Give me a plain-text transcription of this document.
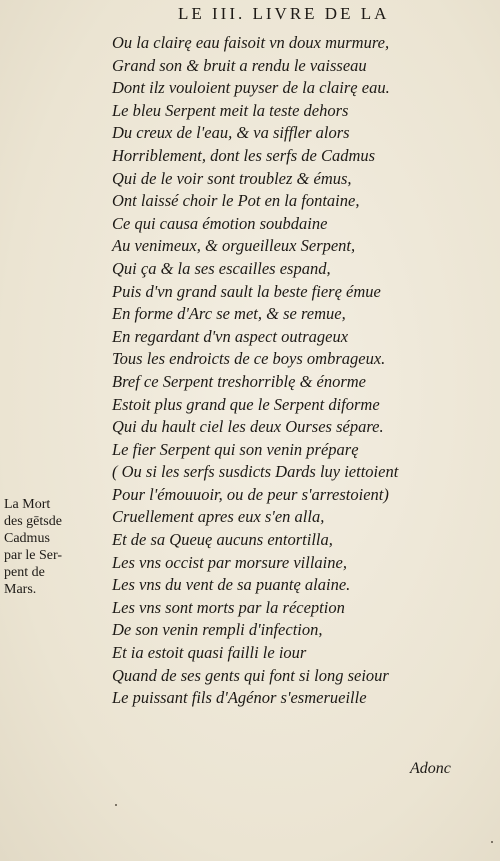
LE III. LIVRE DE LA
Ou la clairę eau faisoit vn doux murmure,
Grand son & bruit a rendu le vaisseau
Dont ilz vouloient puyser de la clairę eau.
Le bleu Serpent meit la teste dehors
Du creux de l'eau, & va siffler alors
Horriblement, dont les serfs de Cadmus
Qui de le voir sont troublez & émus,
Ont laissé choir le Pot en la fontaine,
Ce qui causa émotion soubdaine
Au venimeux, & orgueilleux Serpent,
Qui ça & la ses escailles espand,
Puis d'vn grand sault la beste fierę émue
En forme d'Arc se met, & se remue,
En regardant d'vn aspect outrageux
Tous les endroicts de ce boys ombrageux.
Bref ce Serpent treshorriblę & énorme
Estoit plus grand que le Serpent diforme
Qui du hault ciel les deux Ourses sépare.
Le fier Serpent qui son venin préparę
( Ou si les serfs susdicts Dards luy iettoient
Pour l'émouuoir, ou de peur s'arrestoient)
Cruellement apres eux s'en alla,
Et de sa Queuę aucuns entortilla,
Les vns occist par morsure villaine,
Les vns du vent de sa puantę alaine.
Les vns sont morts par la réception
De son venin rempli d'infection,
Et ia estoit quasi failli le iour
Quand de ses gents qui font si long seiour
Le puissant fils d'Agénor s'esmerueille
La Mort
des gētsde
Cadmus
par le Ser-
pent de
Mars.
Adonc
